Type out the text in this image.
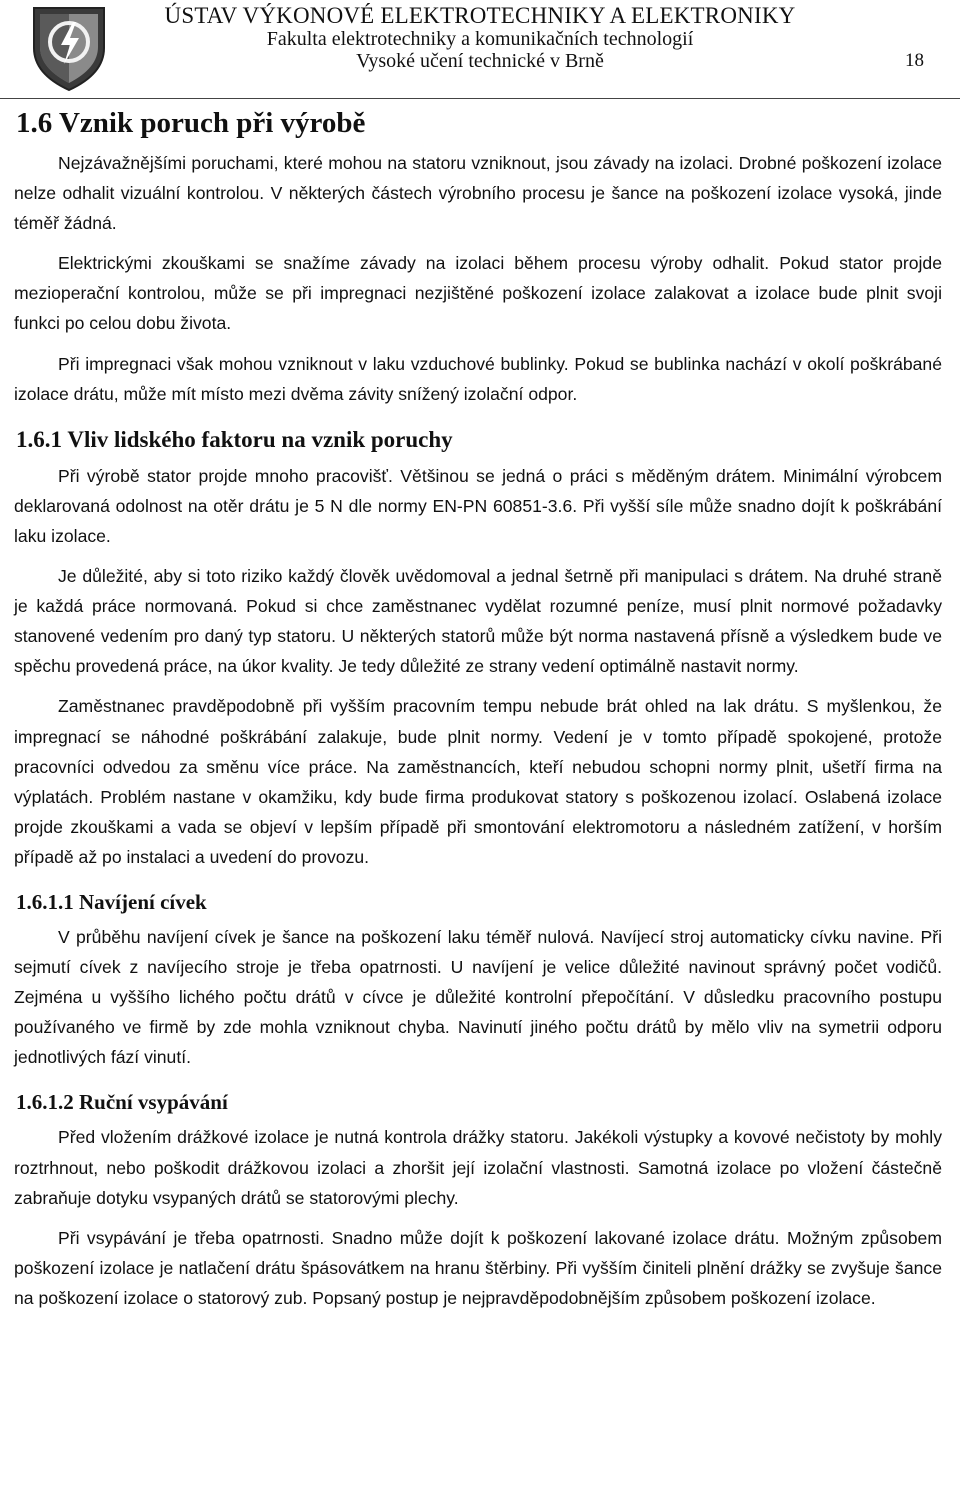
ÚSTAV VÝKONOVÉ ELEKTROTECHNIKY A ELEKTRONIKY
Fakulta elektrotechniky a komunikačních technologií
Vysoké učení technické v Brně	18
1.6 Vznik poruch při výrobě

Nejzávažnějšími poruchami, které mohou na statoru vzniknout, jsou závady na izolaci. Drobné poškození izolace nelze odhalit vizuální kontrolou. V některých částech výrobního procesu je šance na poškození izolace vysoká, jinde téměř žádná.

Elektrickými zkouškami se snažíme závady na izolaci během procesu výroby odhalit. Pokud stator projde mezioperační kontrolou, může se při impregnaci nezjištěné poškození izolace zalakovat a izolace bude plnit svoji funkci po celou dobu života.

Při impregnaci však mohou vzniknout v laku vzduchové bublinky. Pokud se bublinka nachází v okolí poškrábané izolace drátu, může mít místo mezi dvěma závity snížený izolační odpor.

1.6.1 Vliv lidského faktoru na vznik poruchy

Při výrobě stator projde mnoho pracovišť. Většinou se jedná o práci s měděným drátem. Minimální výrobcem deklarovaná odolnost na otěr drátu je 5 N dle normy EN-PN 60851-3.6. Při vyšší síle může snadno dojít k poškrábání laku izolace.

Je důležité, aby si toto riziko každý člověk uvědomoval a jednal šetrně při manipulaci s drátem. Na druhé straně je každá práce normovaná. Pokud si chce zaměstnanec vydělat rozumné peníze, musí plnit normové požadavky stanovené vedením pro daný typ statoru. U některých statorů může být norma nastavená přísně a výsledkem bude ve spěchu provedená práce, na úkor kvality. Je tedy důležité ze strany vedení optimálně nastavit normy.

Zaměstnanec pravděpodobně při vyšším pracovním tempu nebude brát ohled na lak drátu. S myšlenkou, že impregnací se náhodné poškrábání zalakuje, bude plnit normy. Vedení je v tomto případě spokojené, protože pracovníci odvedou za směnu více práce. Na zaměstnancích, kteří nebudou schopni normy plnit, ušetří firma na výplatách. Problém nastane v okamžiku, kdy bude firma produkovat statory s poškozenou izolací. Oslabená izolace projde zkouškami a vada se objeví v lepším případě při smontování elektromotoru a následném zatížení, v horším případě až po instalaci a uvedení do provozu.

1.6.1.1 Navíjení cívek

V průběhu navíjení cívek je šance na poškození laku téměř nulová. Navíjecí stroj automaticky cívku navine. Při sejmutí cívek z navíjecího stroje je třeba opatrnosti. U navíjení je velice důležité navinout správný počet vodičů. Zejména u vyššího lichého počtu drátů v cívce je důležité kontrolní přepočítání. V důsledku pracovního postupu používaného ve firmě by zde mohla vzniknout chyba. Navinutí jiného počtu drátů by mělo vliv na symetrii odporu jednotlivých fází vinutí.

1.6.1.2 Ruční vsypávání

Před vložením drážkové izolace je nutná kontrola drážky statoru. Jakékoli výstupky a kovové nečistoty by mohly roztrhnout, nebo poškodit drážkovou izolaci a zhoršit její izolační vlastnosti. Samotná izolace po vložení částečně zabraňuje dotyku vsypaných drátů se statorovými plechy.

Při vsypávání je třeba opatrnosti. Snadno může dojít k poškození lakované izolace drátu. Možným způsobem poškození izolace je natlačení drátu špásovátkem na hranu štěrbiny. Při vyšším činiteli plnění drážky se zvyšuje šance na poškození izolace o statorový zub. Popsaný postup je nejpravděpodobnějším způsobem poškození izolace.
